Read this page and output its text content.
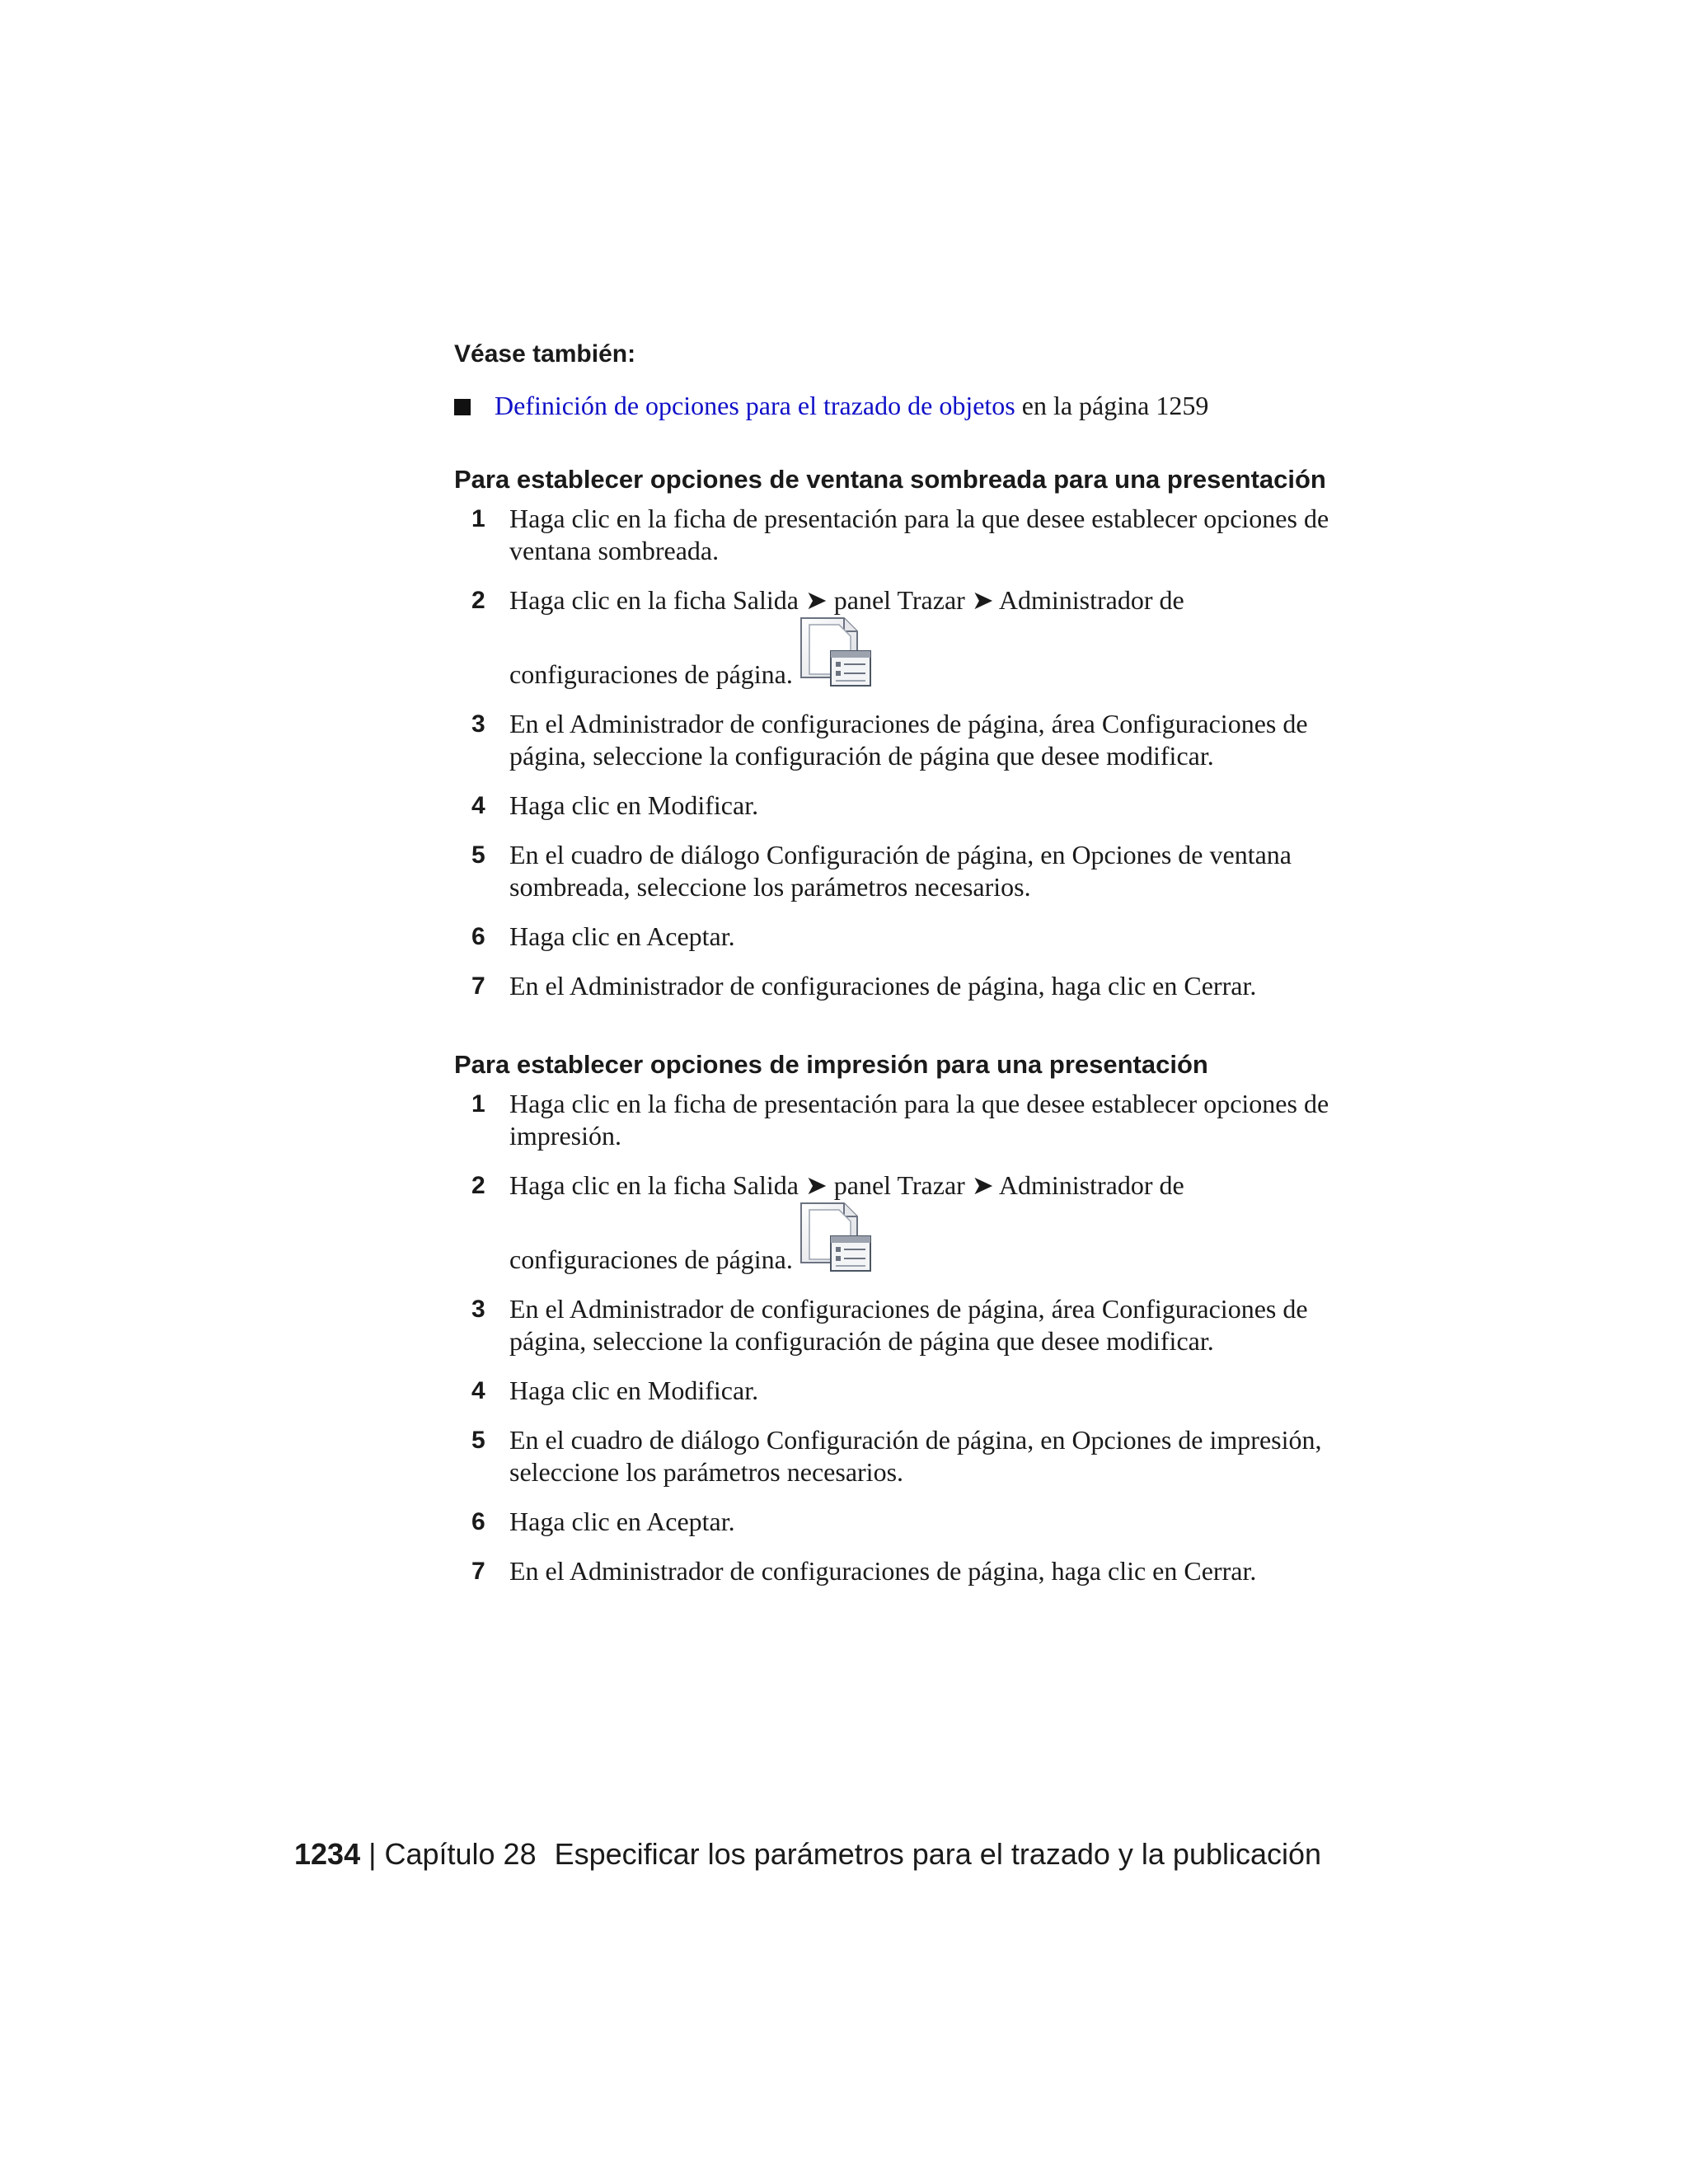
Véase también:

Definición de opciones para el trazado de objetos en la página 1259

Para establecer opciones de ventana sombreada para una presentación

1 Haga clic en la ficha de presentación para la que desee establecer opciones de ventana sombreada.
2 Haga clic en la ficha Salida ➤ panel Trazar ➤ Administrador de
configuraciones de página.
3 En el Administrador de configuraciones de página, área Configuraciones de página, seleccione la configuración de página que desee modificar.
4 Haga clic en Modificar.
5 En el cuadro de diálogo Configuración de página, en Opciones de ventana sombreada, seleccione los parámetros necesarios.
6 Haga clic en Aceptar.
7 En el Administrador de configuraciones de página, haga clic en Cerrar.

Para establecer opciones de impresión para una presentación

1 Haga clic en la ficha de presentación para la que desee establecer opciones de impresión.
2 Haga clic en la ficha Salida ➤ panel Trazar ➤ Administrador de
configuraciones de página.
3 En el Administrador de configuraciones de página, área Configuraciones de página, seleccione la configuración de página que desee modificar.
4 Haga clic en Modificar.
5 En el cuadro de diálogo Configuración de página, en Opciones de impresión, seleccione los parámetros necesarios.
6 Haga clic en Aceptar.
7 En el Administrador de configuraciones de página, haga clic en Cerrar.
1234 | Capítulo 28 Especificar los parámetros para el trazado y la publicación
